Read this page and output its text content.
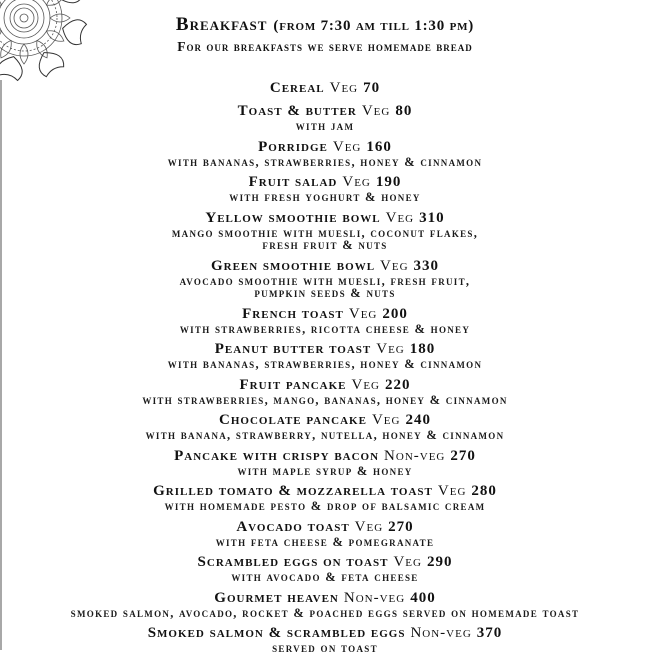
Breakfast (from 7:30 am till 1:30 pm)
For our breakfasts we serve homemade bread
Cereal Veg 70
Toast & butter Veg 80
with jam
Porridge Veg 160
with bananas, strawberries, honey & cinnamon
Fruit salad Veg 190
with fresh yoghurt & honey
Yellow smoothie bowl Veg 310
mango smoothie with muesli, coconut flakes,
fresh fruit & nuts
Green smoothie bowl Veg 330
avocado smoothie with muesli, fresh fruit,
pumpkin seeds & nuts
French toast Veg 200
with strawberries, ricotta cheese & honey
Peanut butter toast Veg 180
with bananas, strawberries, honey & cinnamon
Fruit pancake Veg 220
with strawberries, mango, bananas, honey & cinnamon
Chocolate pancake Veg 240
with banana, strawberry, nutella, honey & cinnamon
Pancake with crispy bacon Non-veg 270
with maple syrup & honey
Grilled tomato & mozzarella toast Veg 280
with homemade pesto & drop of balsamic cream
Avocado toast Veg 270
with feta cheese & pomegranate
Scrambled eggs on toast Veg 290
with avocado & feta cheese
Gourmet heaven Non-veg 400
smoked salmon, avocado, rocket & poached eggs served on homemade toast
Smoked salmon & scrambled eggs Non-veg 370
served on toast
